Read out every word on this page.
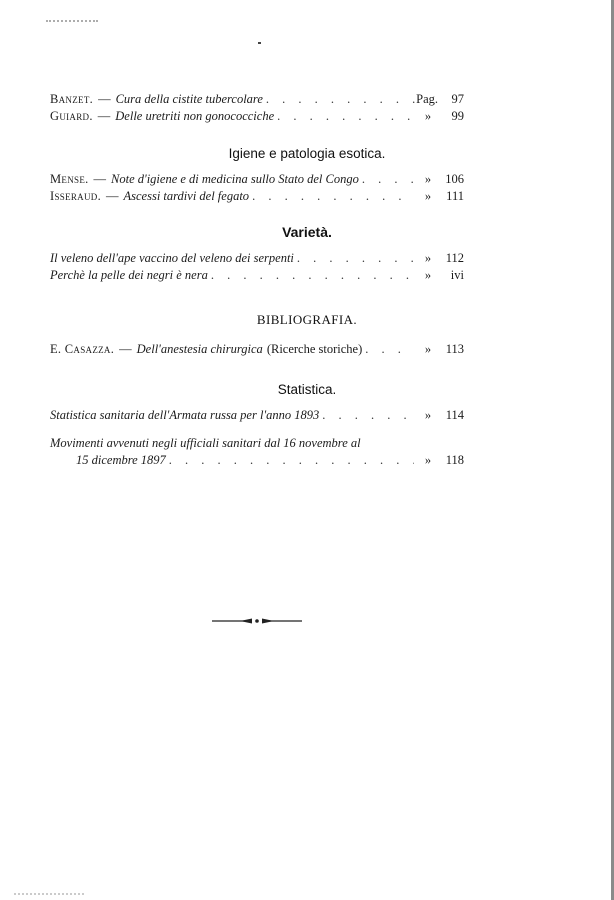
Banzet. — Cura della cistite tubercolare . . .	Pag.	97
Guiard. — Delle uretriti non gonococciche . . .	»	99
Igiene e patologia esotica.
Mense. — Note d'igiene e di medicina sullo Stato del Congo . . .	»	106
Isseraud. — Ascessi tardivi del fegato . . .	»	111
Varietà.
Il veleno dell'ape vaccino del veleno dei serpenti . . .	»	112
Perchè la pelle dei negri è nera . . .	»	ivi
BIBLIOGRAFIA.
E. Casazza. — Dell'anestesia chirurgica (Ricerche storiche) . . .	»	113
Statistica.
Statistica sanitaria dell'Armata russa per l'anno 1893 . . .	»	114
Movimenti avvenuti negli ufficiali sanitari dal 16 novembre al
15 dicembre 1897 . . .	»	118
